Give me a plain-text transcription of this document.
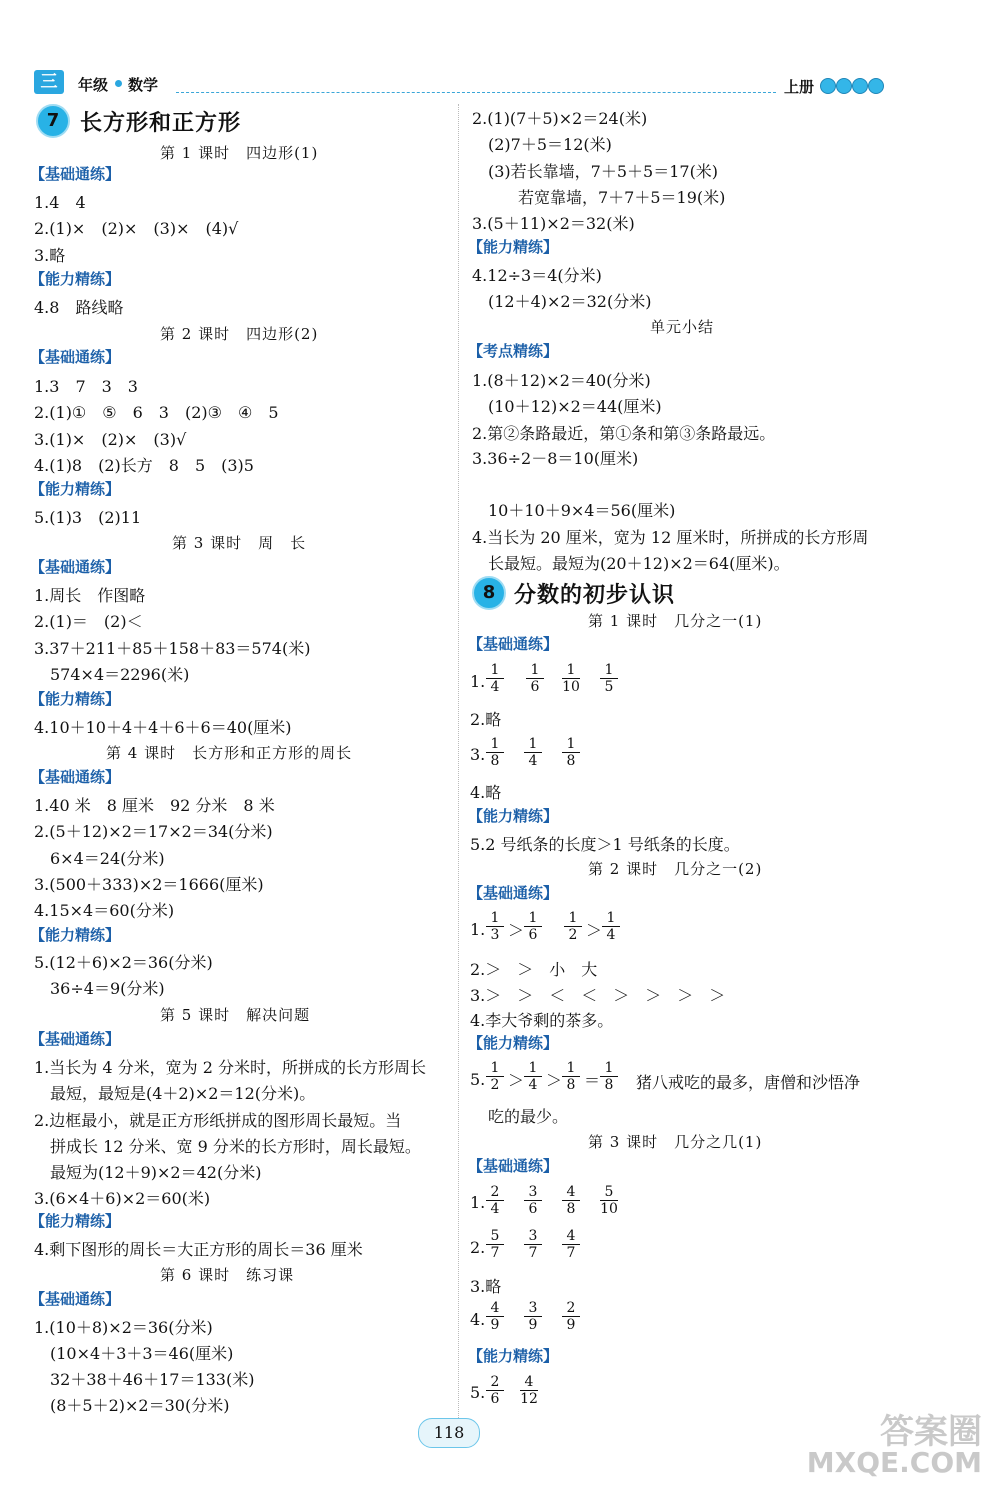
三	年级 数学	上册
7 长方形和正方形
第 1 课时　四边形(1)
【基础通练】
1.4　4
2.(1)×　(2)×　(3)×　(4)√
3.略
【能力精练】
4.8　路线略
第 2 课时　四边形(2)
【基础通练】
1.3　7　3　3
2.(1)①　⑤　6　3　(2)③　④　5
3.(1)×　(2)×　(3)√
4.(1)8　(2)长方　8　5　(3)5
【能力精练】
5.(1)3　(2)11
第 3 课时　周　长
【基础通练】
1.周长　作图略
2.(1)＝　(2)＜
3.37＋211＋85＋158＋83＝574(米)
574×4＝2296(米)
【能力精练】
4.10＋10＋4＋4＋6＋6＝40(厘米)
第 4 课时　长方形和正方形的周长
【基础通练】
1.40 米　8 厘米　92 分米　8 米
2.(5＋12)×2＝17×2＝34(分米)
6×4＝24(分米)
3.(500＋333)×2＝1666(厘米)
4.15×4＝60(分米)
【能力精练】
5.(12＋6)×2＝36(分米)
36÷4＝9(分米)
第 5 课时　解决问题
【基础通练】
1.当长为 4 分米，宽为 2 分米时，所拼成的长方形周长
最短，最短是(4＋2)×2＝12(分米)。
2.边框最小，就是正方形纸拼成的图形周长最短。当
拼成长 12 分米、宽 9 分米的长方形时，周长最短。
最短为(12＋9)×2＝42(分米)
3.(6×4＋6)×2＝60(米)
【能力精练】
4.剩下图形的周长＝大正方形的周长＝36 厘米
第 6 课时　练习课
【基础通练】
1.(10＋8)×2＝36(分米)
(10×4＋3＋3＝46(厘米)
32＋38＋46＋17＝133(米)
(8＋5＋2)×2＝30(分米)
2.(1)(7＋5)×2＝24(米)
(2)7＋5＝12(米)
(3)若长靠墙，7＋5＋5＝17(米)
若宽靠墙，7＋7＋5＝19(米)
3.(5＋11)×2＝32(米)
【能力精练】
4.12÷3＝4(分米)
(12＋4)×2＝32(分米)
单元小结
【考点精练】
1.(8＋12)×2＝40(分米)
(10＋12)×2＝44(厘米)
2.第②条路最近，第①条和第③条路最远。
3.36÷2－8＝10(厘米)
10＋10＋9×4＝56(厘米)
4.当长为 20 厘米，宽为 12 厘米时，所拼成的长方形周
长最短。最短为(20＋12)×2＝64(厘米)。
8 分数的初步认识
第 1 课时　几分之一(1)
【基础通练】
1.
2.略
3.
4.略
【能力精练】
5.2 号纸条的长度＞1 号纸条的长度。
第 2 课时　几分之一(2)
【基础通练】
1. ＞	＞
2.＞　＞　小　大
3.＞　＞　＜　＜　＞　＞　＞　＞
4.李大爷剩的茶多。
【能力精练】
5. ＞ ＞ ＝ 猪八戒吃的最多，唐僧和沙悟净
吃的最少。
第 3 课时　几分之几(1)
【基础通练】
1.
2.
3.略
4.
【能力精练】
5.
118	答案圈
MXQE.COM
$\frac{1}{4} \frac{1}{6} \frac{1}{10} \frac{1}{5}$
$\frac{1}{8} \frac{1}{4} \frac{1}{8}$
$\frac{1}{3} \frac{1}{6} \frac{1}{2} \frac{1}{4}$
$\frac{1}{2} \frac{1}{4} \frac{1}{8} \frac{1}{8}$
$\frac{2}{4} \frac{3}{6} \frac{4}{8} \frac{5}{10}$
$\frac{5}{7} \frac{3}{7} \frac{4}{7}$
$\frac{4}{9} \frac{3}{9} \frac{2}{9}$
$\frac{2}{6} \frac{4}{12}$
